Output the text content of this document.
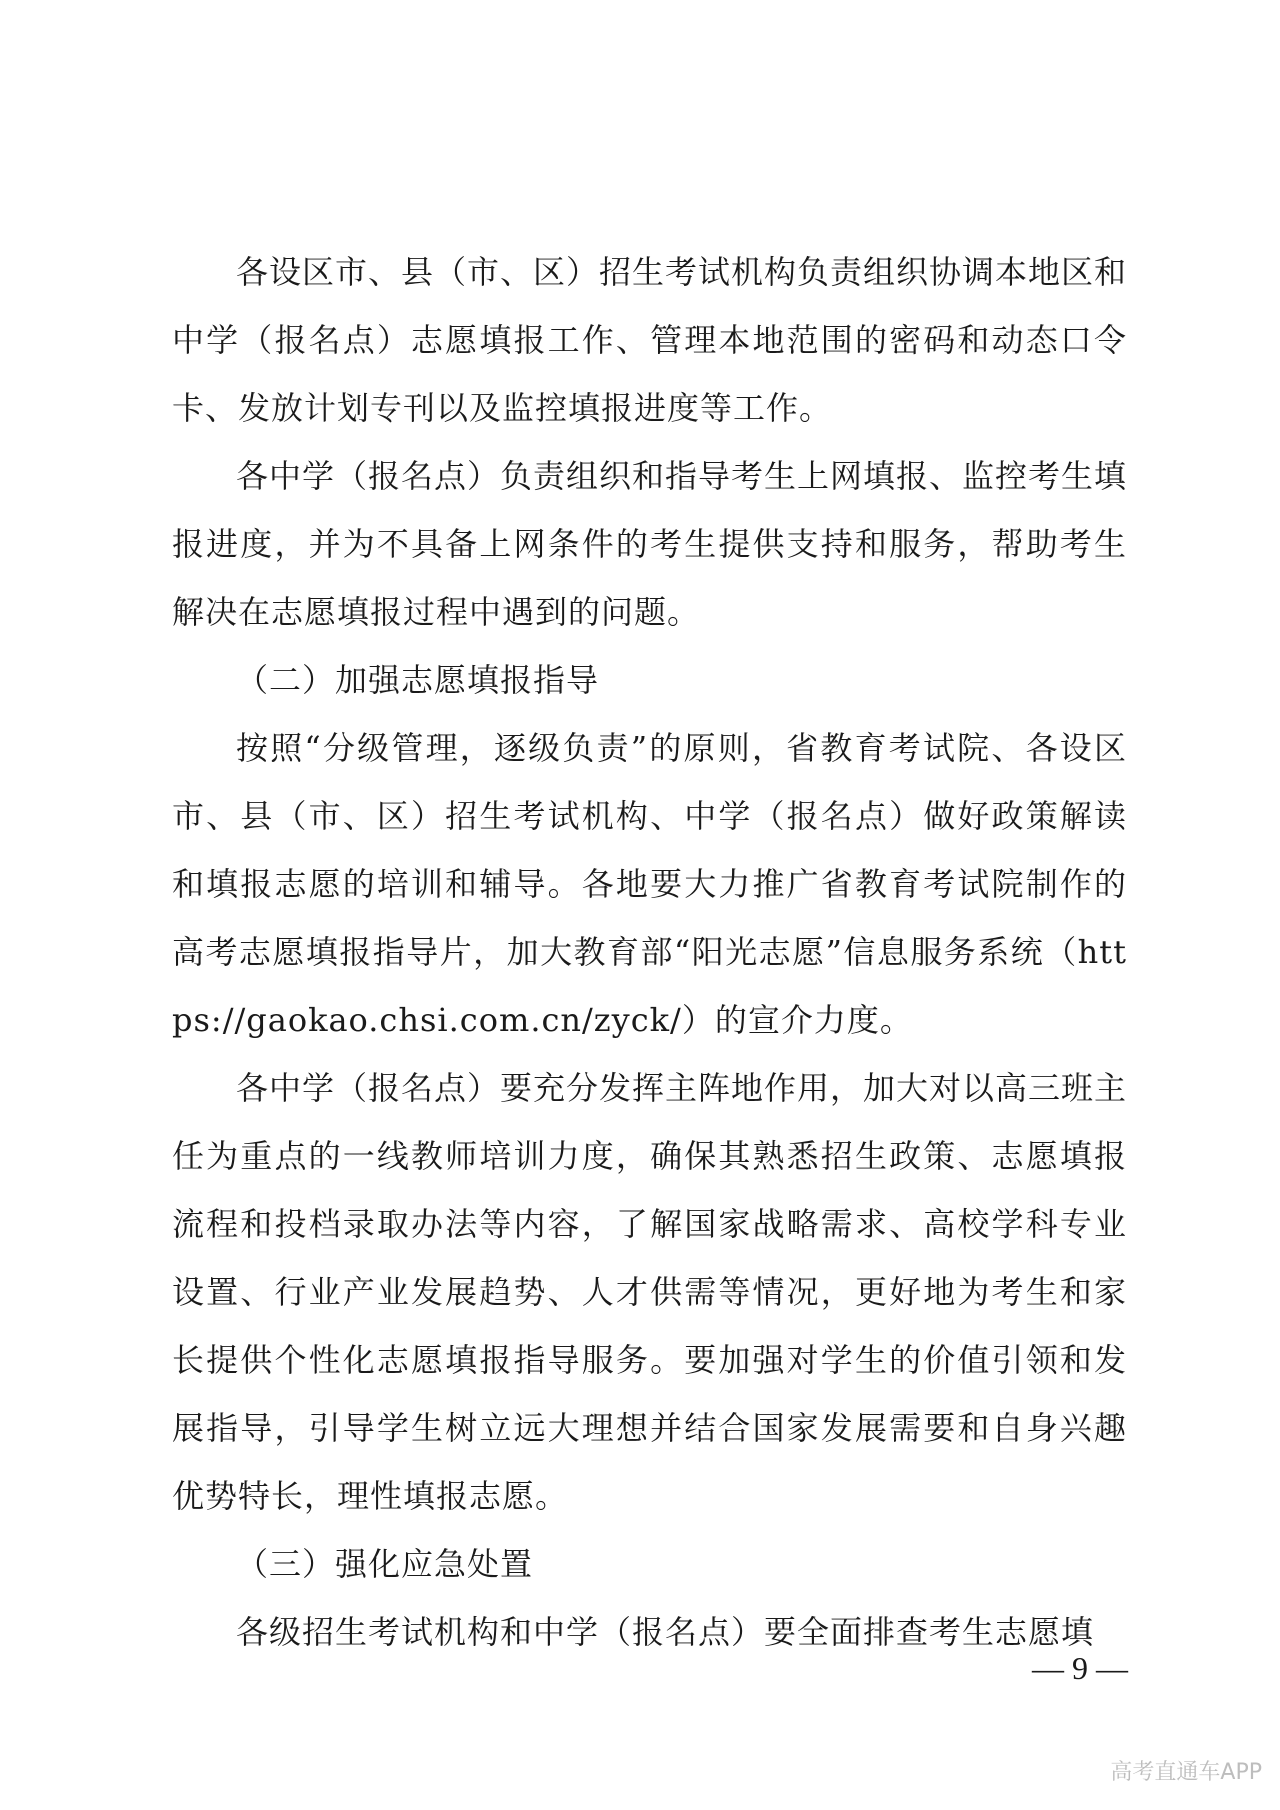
各设区市、县（市、区）招生考试机构负责组织协调本地区和中学（报名点）志愿填报工作、管理本地范围的密码和动态口令卡、发放计划专刊以及监控填报进度等工作。

各中学（报名点）负责组织和指导考生上网填报、监控考生填报进度，并为不具备上网条件的考生提供支持和服务，帮助考生解决在志愿填报过程中遇到的问题。

（二）加强志愿填报指导

按照“分级管理，逐级负责”的原则，省教育考试院、各设区市、县（市、区）招生考试机构、中学（报名点）做好政策解读和填报志愿的培训和辅导。各地要大力推广省教育考试院制作的高考志愿填报指导片，加大教育部“阳光志愿”信息服务系统（https://gaokao.chsi.com.cn/zyck/）的宣介力度。

各中学（报名点）要充分发挥主阵地作用，加大对以高三班主任为重点的一线教师培训力度，确保其熟悉招生政策、志愿填报流程和投档录取办法等内容，了解国家战略需求、高校学科专业设置、行业产业发展趋势、人才供需等情况，更好地为考生和家长提供个性化志愿填报指导服务。要加强对学生的价值引领和发展指导，引导学生树立远大理想并结合国家发展需要和自身兴趣优势特长，理性填报志愿。

（三）强化应急处置

各级招生考试机构和中学（报名点）要全面排查考生志愿填

— 9 —
高考直通车APP
